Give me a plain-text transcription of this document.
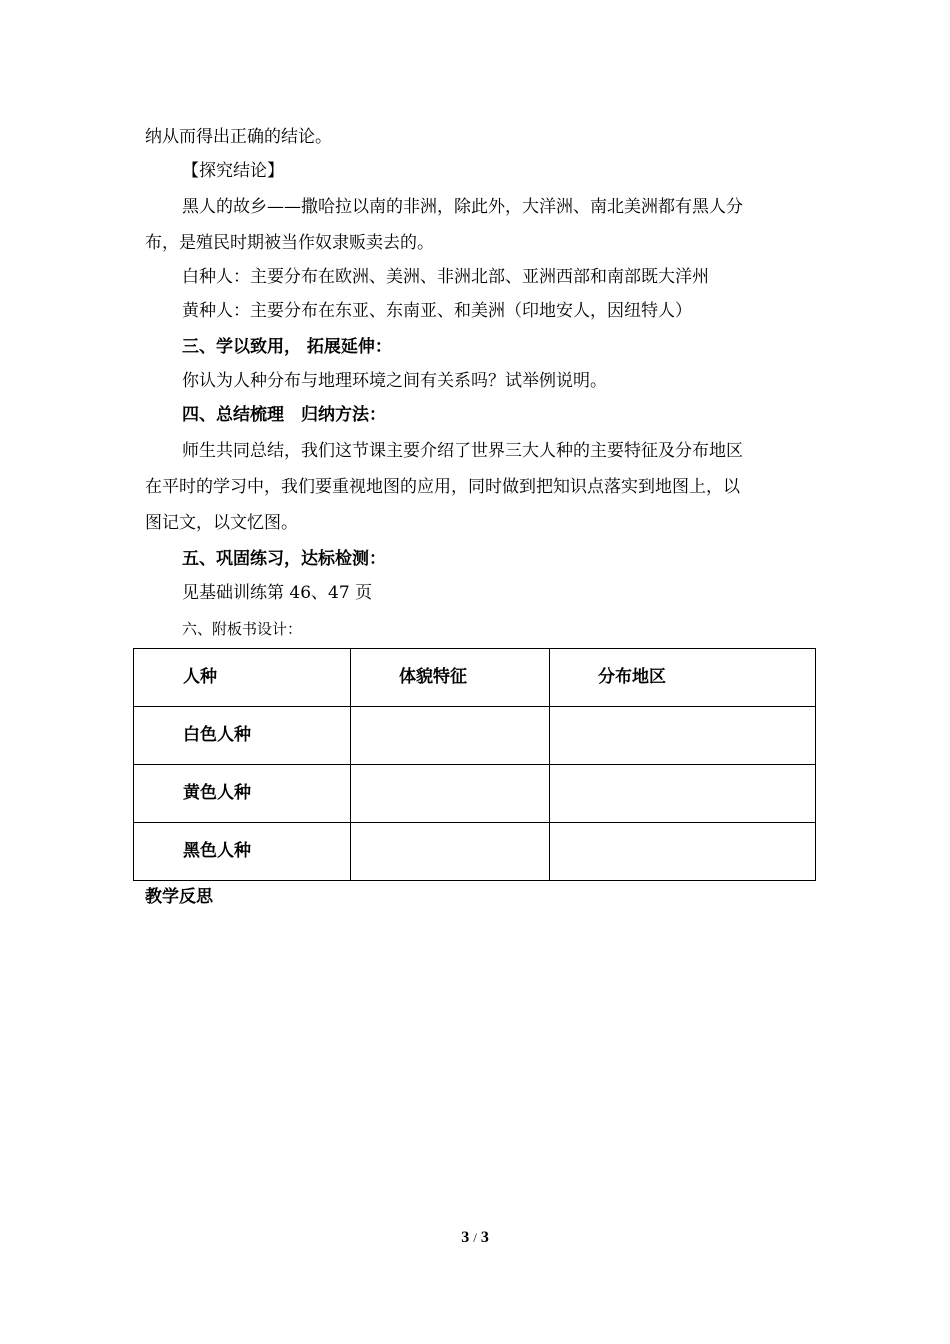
纳从而得出正确的结论。
【探究结论】
黑人的故乡——撒哈拉以南的非洲，除此外，大洋洲、南北美洲都有黑人分
布，是殖民时期被当作奴隶贩卖去的。
白种人：主要分布在欧洲、美洲、非洲北部、亚洲西部和南部既大洋州
黄种人：主要分布在东亚、东南亚、和美洲（印地安人，因纽特人）
三、学以致用， 拓展延伸：
你认为人种分布与地理环境之间有关系吗？试举例说明。
四、总结梳理　归纳方法：
师生共同总结，我们这节课主要介绍了世界三大人种的主要特征及分布地区
在平时的学习中，我们要重视地图的应用，同时做到把知识点落实到地图上，以
图记文，以文忆图。
五、巩固练习，达标检测：
见基础训练第 46、47 页
六、附板书设计：
人种	体貌特征	分布地区

白色人种		

黄色人种		

黑色人种		

教学反思
3 / 3
